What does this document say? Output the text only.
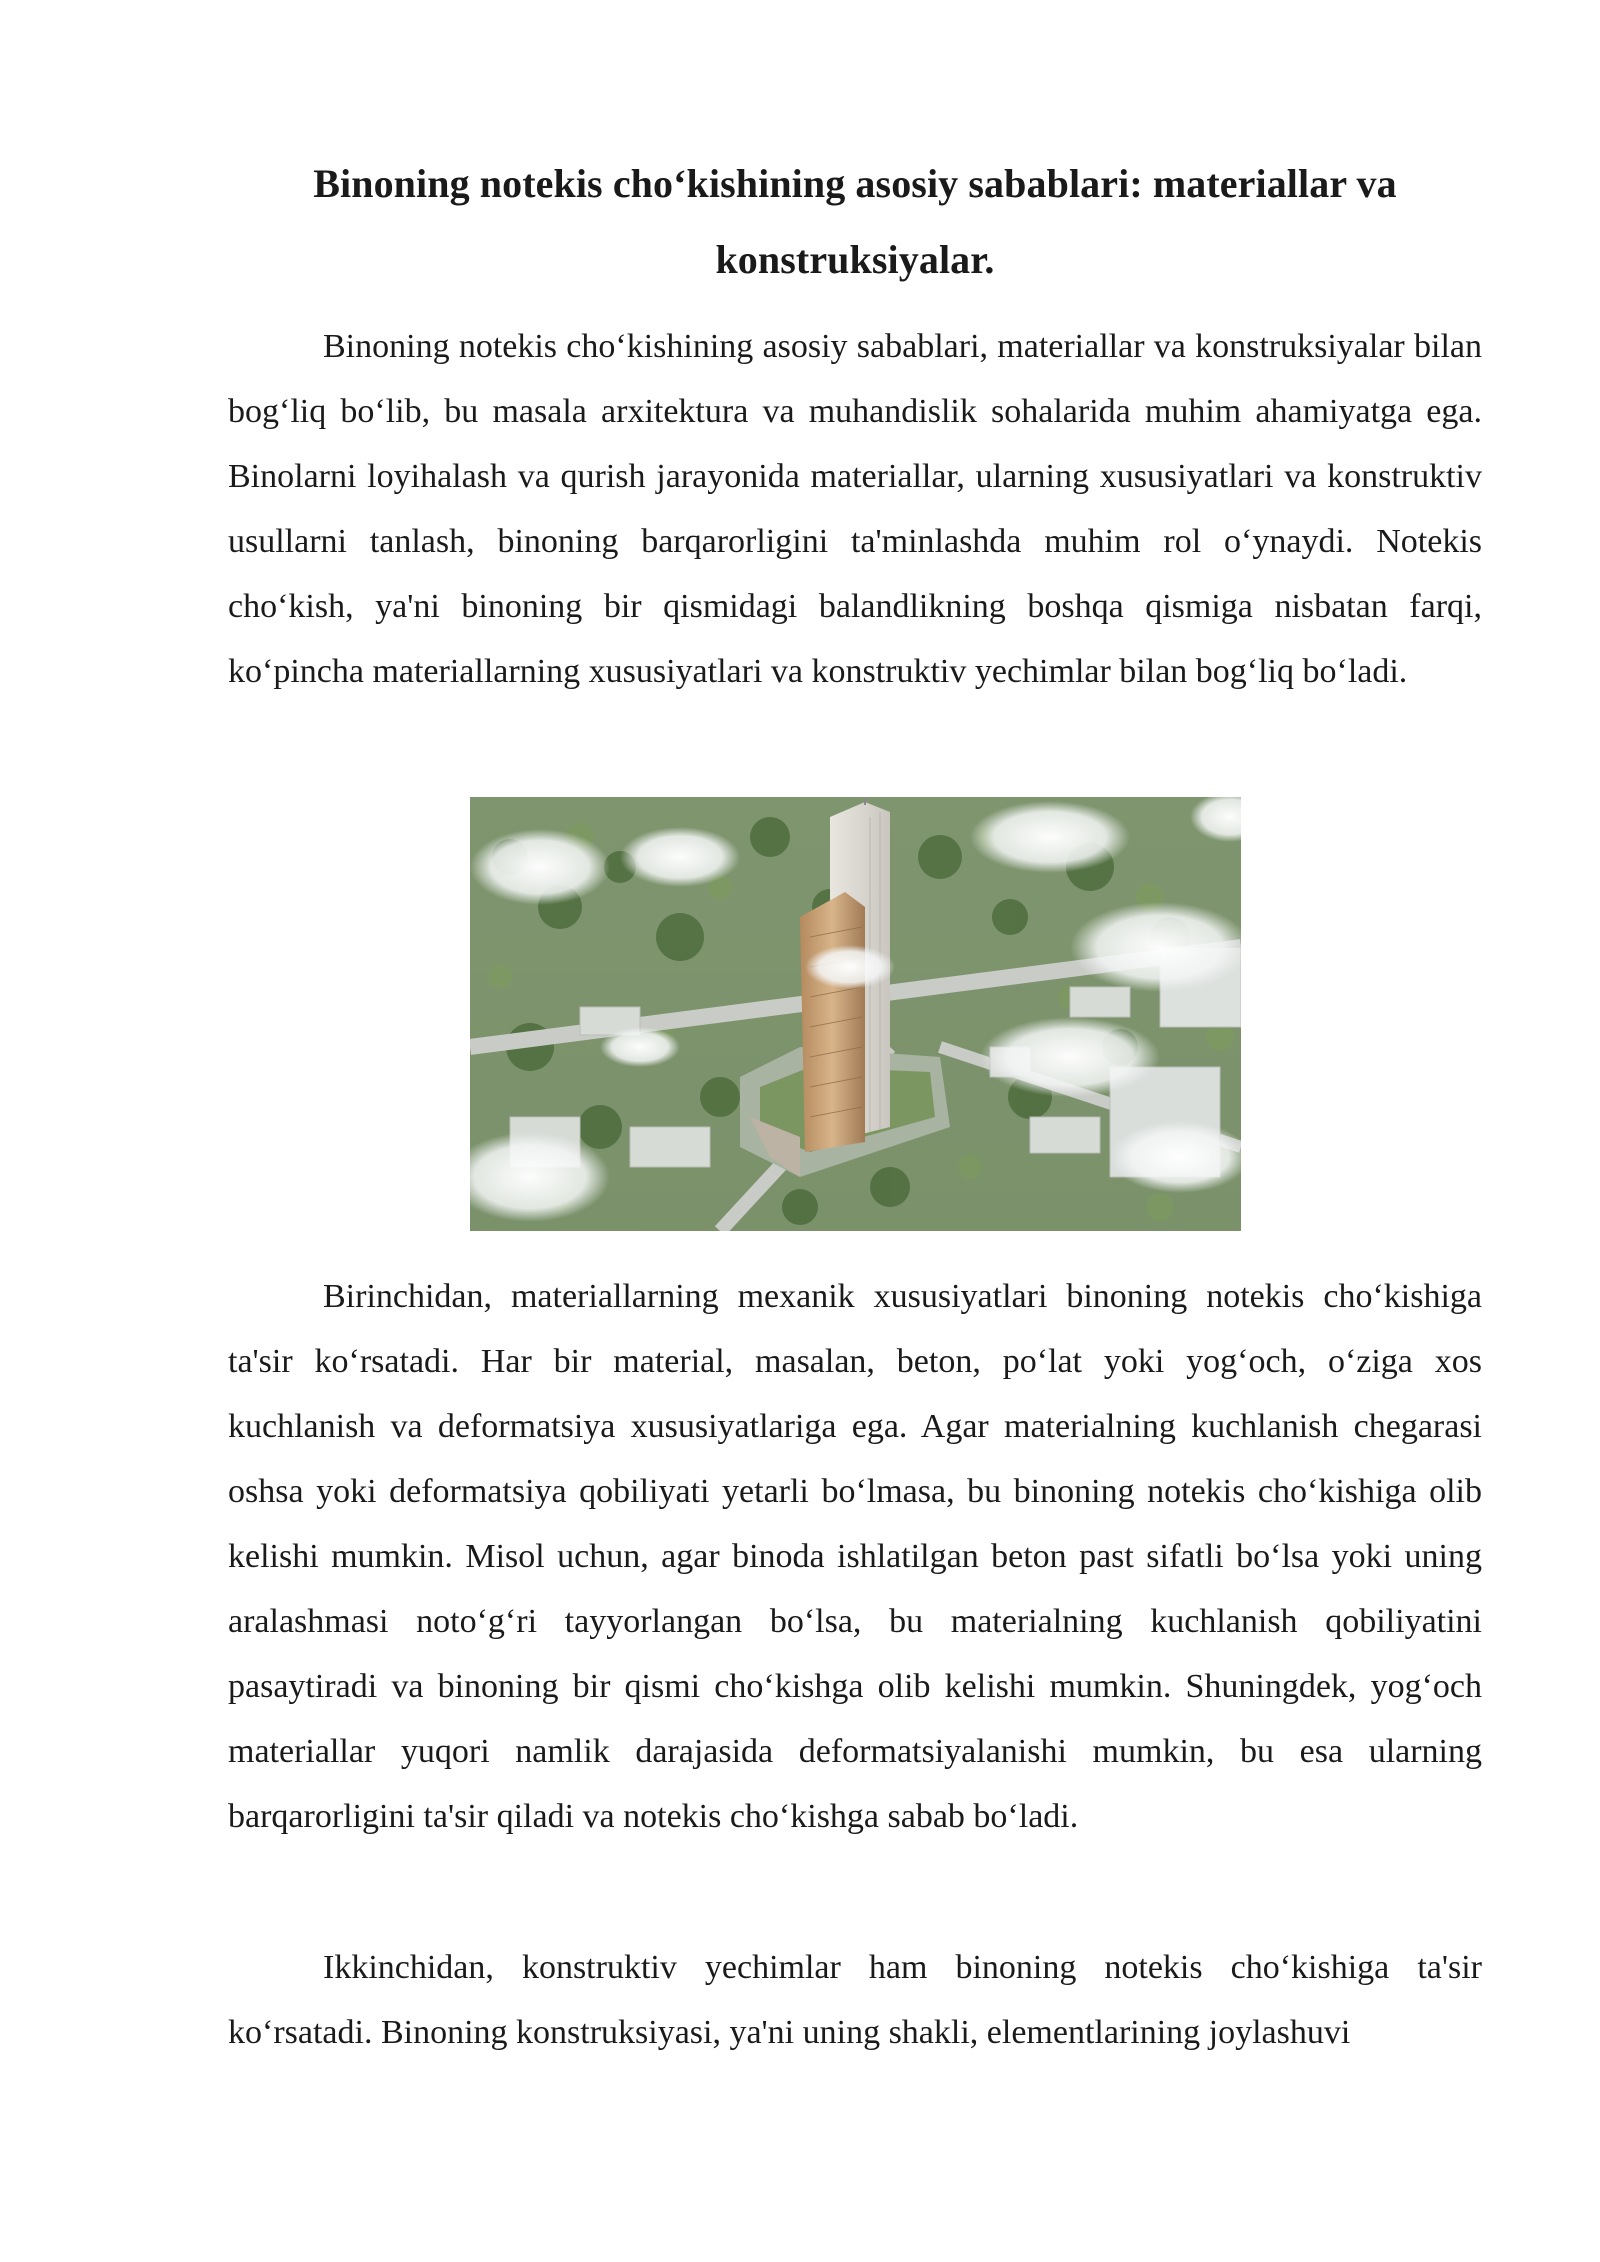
Binoning notekis cho‘kishining asosiy sabablari: materiallar va konstruksiyalar.

Binoning notekis cho‘kishining asosiy sabablari, materiallar va konstruksiyalar bilan bog‘liq bo‘lib, bu masala arxitektura va muhandislik sohalarida muhim ahamiyatga ega. Binolarni loyihalash va qurish jarayonida materiallar, ularning xususiyatlari va konstruktiv usullarni tanlash, binoning barqarorligini ta'minlashda muhim rol o‘ynaydi. Notekis cho‘kish, ya'ni binoning bir qismidagi balandlikning boshqa qismiga nisbatan farqi, ko‘pincha materiallarning xususiyatlari va konstruktiv yechimlar bilan bog‘liq bo‘ladi.

Birinchidan, materiallarning mexanik xususiyatlari binoning notekis cho‘kishiga ta'sir ko‘rsatadi. Har bir material, masalan, beton, po‘lat yoki yog‘och, o‘ziga xos kuchlanish va deformatsiya xususiyatlariga ega. Agar materialning kuchlanish chegarasi oshsa yoki deformatsiya qobiliyati yetarli bo‘lmasa, bu binoning notekis cho‘kishiga olib kelishi mumkin. Misol uchun, agar binoda ishlatilgan beton past sifatli bo‘lsa yoki uning aralashmasi noto‘g‘ri tayyorlangan bo‘lsa, bu materialning kuchlanish qobiliyatini pasaytiradi va binoning bir qismi cho‘kishga olib kelishi mumkin. Shuningdek, yog‘och materiallar yuqori namlik darajasida deformatsiyalanishi mumkin, bu esa ularning barqarorligini ta'sir qiladi va notekis cho‘kishga sabab bo‘ladi.

Ikkinchidan, konstruktiv yechimlar ham binoning notekis cho‘kishiga ta'sir ko‘rsatadi. Binoning konstruksiyasi, ya'ni uning shakli, elementlarining joylashuvi
